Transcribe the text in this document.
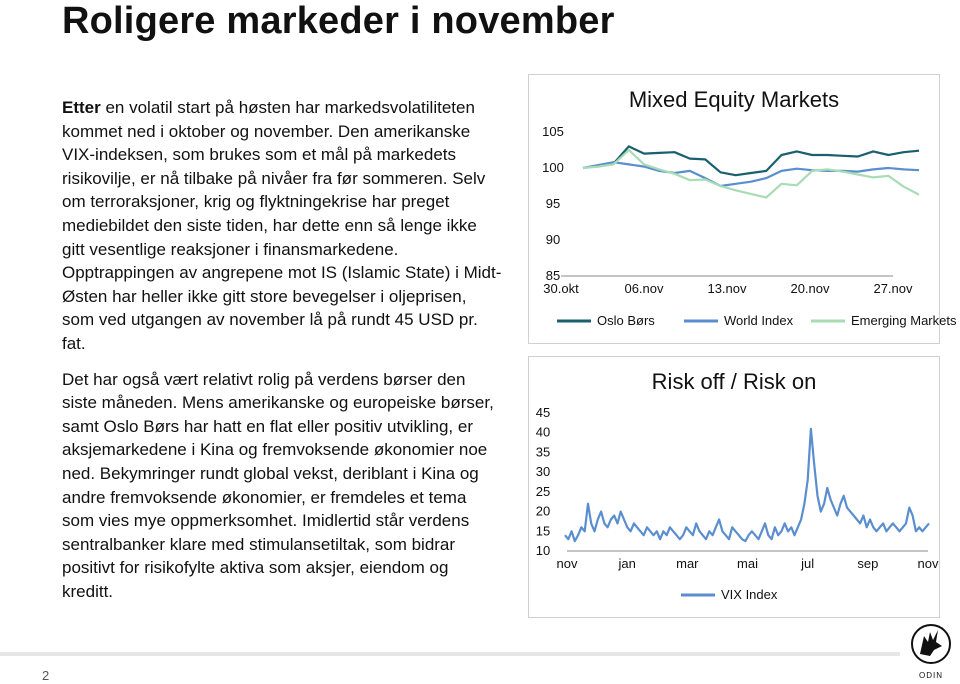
Roligere markeder i november

Etter en volatil start på høsten har markedsvolatiliteten kommet ned i oktober og november. Den amerikanske VIX-indeksen, som brukes som et mål på markedets risikovilje, er nå tilbake på nivåer fra før sommeren. Selv om terroraksjoner, krig og flyktningekrise har preget mediebildet den siste tiden, har dette enn så lenge ikke gitt vesentlige reaksjoner i finansmarkedene. Opptrappingen av angrepene mot IS (Islamic State) i Midt-Østen har heller ikke gitt store bevegelser i oljeprisen, som ved utgangen av november lå på rundt 45 USD pr. fat.

Det har også vært relativt rolig på verdens børser den siste måneden. Mens amerikanske og europeiske børser, samt Oslo Børs har hatt en flat eller positiv utvikling, er aksjemarkedene i Kina og fremvoksende økonomier noe ned. Bekymringer rundt global vekst, deriblant i Kina og andre fremvoksende økonomier, er fremdeles et tema som vies mye oppmerksomhet. Imidlertid står verdens sentralbanker klare med stimulansetiltak, som bidrar positivt for risikofylte aktiva som aksjer, eiendom og kreditt.

Mixed Equity Markets
85
90
95
100
105
30.okt	06.nov	13.nov	20.nov	27.nov
Oslo Børs	World Index	Emerging Markets
Risk off / Risk on
10
15
20
25
30
35
40
45
nov	jan	mar	mai	jul	sep	nov
VIX Index
2	ODIN
